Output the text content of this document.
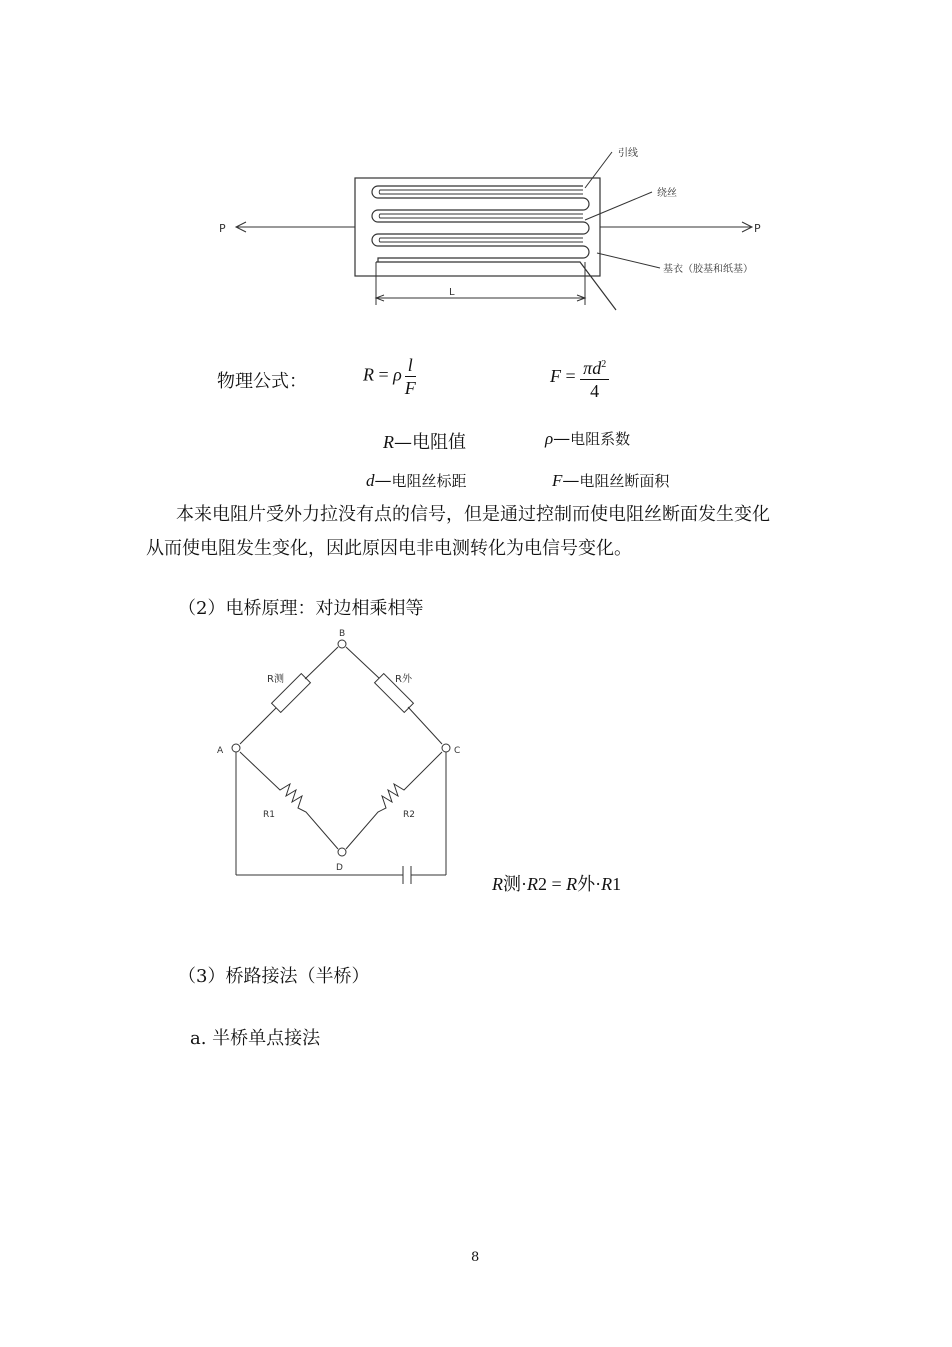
P	P
引线
绕丝
基衣（胶基和纸基）
L
物理公式：	R = ρ $\frac{l}{F}$	$F = \frac{\pi d^2}{4}$
R—电阻值	ρ—电阻系数
d—电阻丝标距	F—电阻丝断面积
本来电阻片受外力拉没有点的信号，但是通过控制而使电阻丝断面发生变化
从而使电阻发生变化，因此原因电非电测转化为电信号变化。
（2）电桥原理：对边相乘相等
B
A	C
D
R测	R外
R1	R2
R测·R2 = R外·R1
（3）桥路接法（半桥）
a. 半桥单点接法
8
